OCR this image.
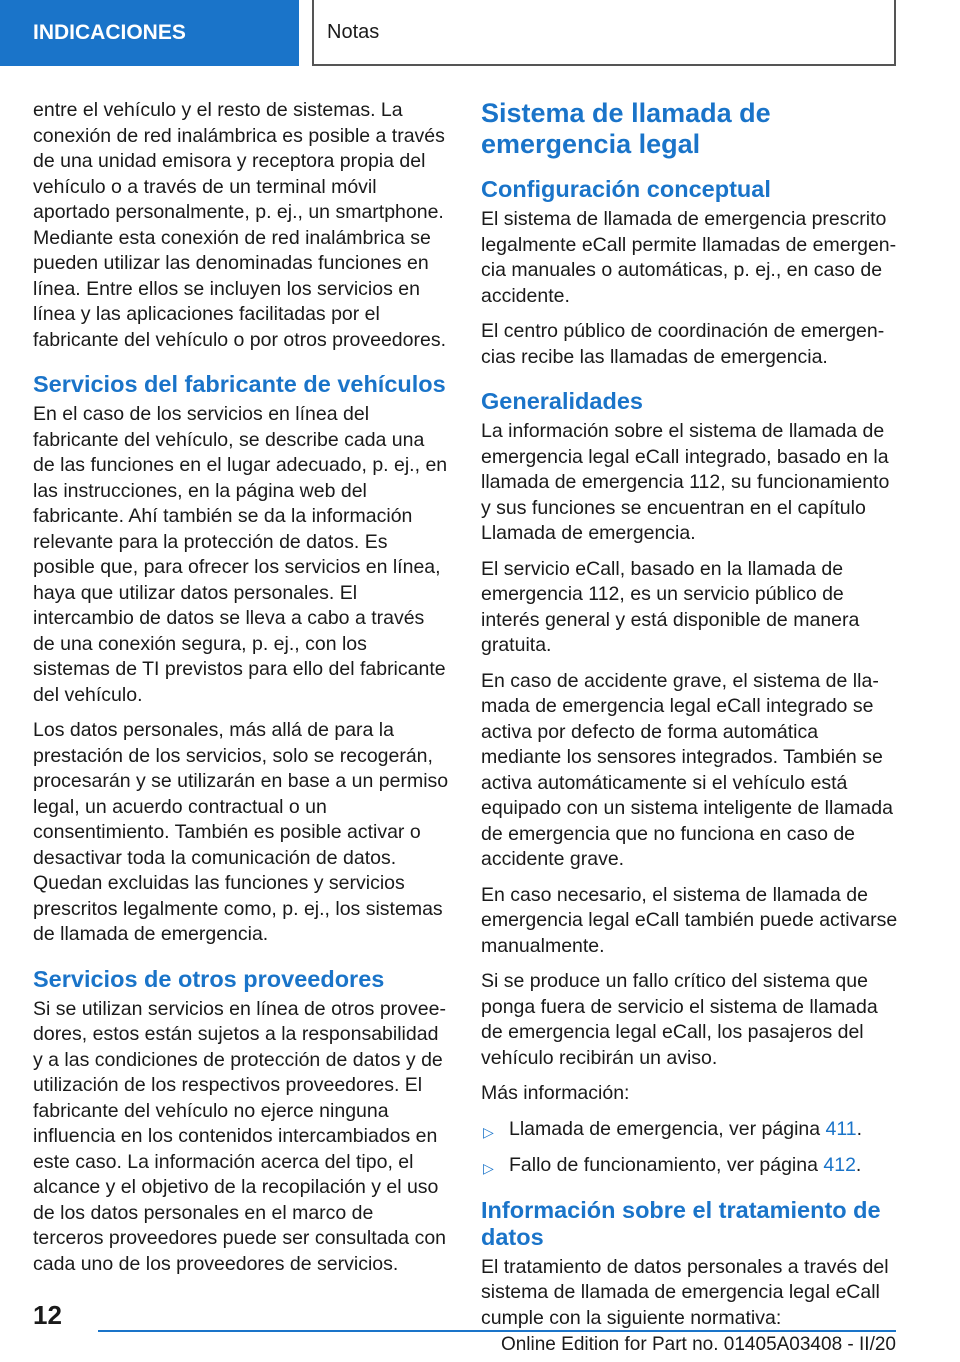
INDICACIONES	Notas

entre el vehículo y el resto de sistemas. La conexión de red inalámbrica es posible a través de una unidad emisora y receptora propia del vehículo o a través de un terminal móvil aportado personalmente, p. ej., un smartphone. Mediante esta conexión de red inalámbrica se pueden utilizar las denominadas funciones en línea. Entre ellos se incluyen los servicios en línea y las aplicaciones facilitadas por el fabricante del vehículo o por otros proveedores.

Servicios del fabricante de vehículos

En el caso de los servicios en línea del fabricante del vehículo, se describe cada una de las funciones en el lugar adecuado, p. ej., en las instrucciones, en la página web del fabricante. Ahí también se da la información relevante para la protección de datos. Es posible que, para ofrecer los servicios en línea, haya que utilizar datos personales. El intercambio de datos se lleva a cabo a través de una conexión segura, p. ej., con los sistemas de TI previstos para ello del fabricante del vehículo.

Los datos personales, más allá de para la prestación de los servicios, solo se recogerán, procesarán y se utilizarán en base a un permiso legal, un acuerdo contractual o un consentimiento. También es posible activar o desactivar toda la comunicación de datos. Quedan excluidas las funciones y servicios prescritos legalmente como, p. ej., los sistemas de llamada de emergencia.

Servicios de otros proveedores

Si se utilizan servicios en línea de otros proveedores, estos están sujetos a la responsabilidad y a las condiciones de protección de datos y de utilización de los respectivos proveedores. El fabricante del vehículo no ejerce ninguna influencia en los contenidos intercambiados en este caso. La información acerca del tipo, el alcance y el objetivo de la recopilación y el uso de los datos personales en el marco de terceros proveedores puede ser consultada con cada uno de los proveedores de servicios.

Sistema de llamada de emergencia legal
Configuración conceptual

El sistema de llamada de emergencia prescrito legalmente eCall permite llamadas de emergencia manuales o automáticas, p. ej., en caso de accidente.

El centro público de coordinación de emergencias recibe las llamadas de emergencia.

Generalidades

La información sobre el sistema de llamada de emergencia legal eCall integrado, basado en la llamada de emergencia 112, su funcionamiento y sus funciones se encuentran en el capítulo Llamada de emergencia.

El servicio eCall, basado en la llamada de emergencia 112, es un servicio público de interés general y está disponible de manera gratuita.

En caso de accidente grave, el sistema de llamada de emergencia legal eCall integrado se activa por defecto de forma automática mediante los sensores integrados. También se activa automáticamente si el vehículo está equipado con un sistema inteligente de llamada de emergencia que no funciona en caso de accidente grave.

En caso necesario, el sistema de llamada de emergencia legal eCall también puede activarse manualmente.

Si se produce un fallo crítico del sistema que ponga fuera de servicio el sistema de llamada de emergencia legal eCall, los pasajeros del vehículo recibirán un aviso.

Más información:

▷ Llamada de emergencia, ver página 411.
▷ Fallo de funcionamiento, ver página 412.
Información sobre el tratamiento de datos

El tratamiento de datos personales a través del sistema de llamada de emergencia legal eCall cumple con la siguiente normativa:

12
Online Edition for Part no. 01405A03408 - II/20
